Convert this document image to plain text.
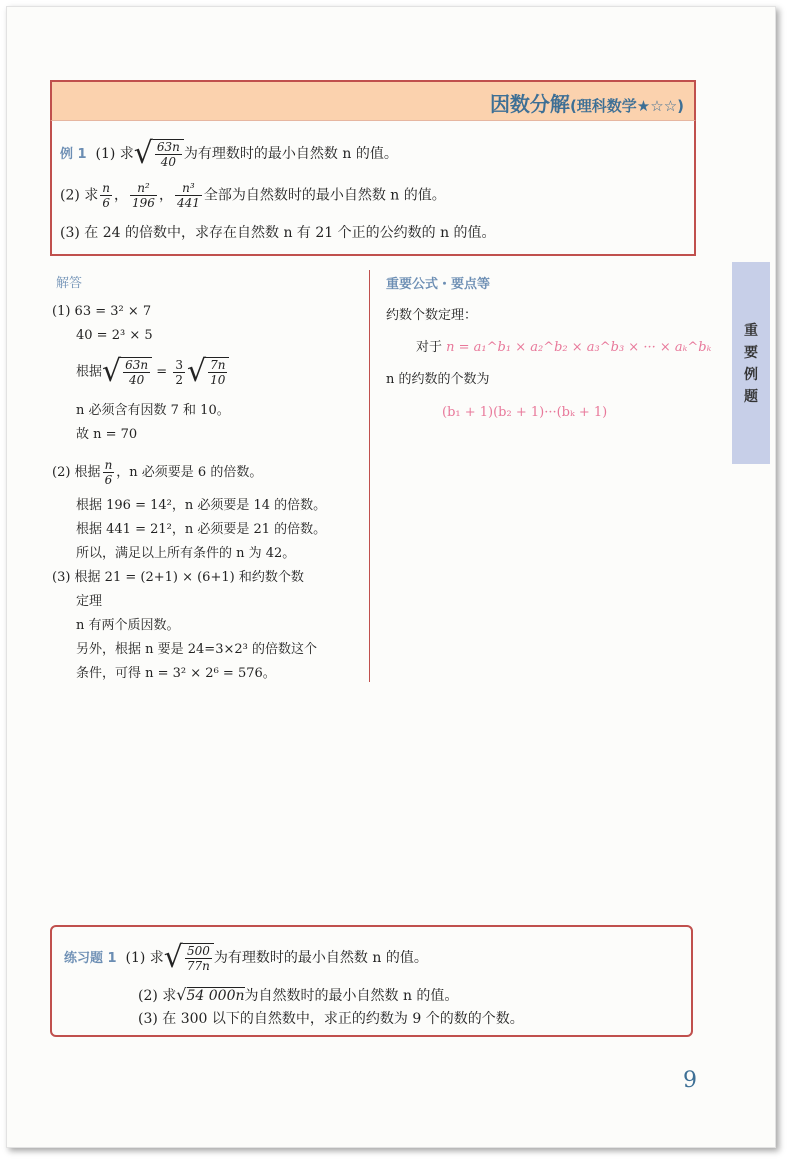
因数分解(理科数学★☆☆)
例 1 (1) 求√ $\frac{63n}{40}$ 为有理数时的最小自然数 n 的值。
(2) 求 $\frac{n}{6}$ ， $\frac{\text{n²}}{196}$ ， $\frac{\text{n³}}{441}$ 全部为自然数时的最小自然数 n 的值。
(3) 在 24 的倍数中，求存在自然数 n 有 21 个正的公约数的 n 的值。
解答
(1) 63 = 3² × 7
40 = 2³ × 5
根据√ $\frac{63n}{40} = \frac{3}{2}$ √ $\frac{7n}{10}$
n 必须含有因数 7 和 10。
故 n = 70
(2) 根据 $\frac{n}{6}$ ，n 必须要是 6 的倍数。
根据 196 = 14²，n 必须要是 14 的倍数。
根据 441 = 21²，n 必须要是 21 的倍数。
所以，满足以上所有条件的 n 为 42。
(3) 根据 21 = (2+1) × (6+1) 和约数个数
定理
n 有两个质因数。
另外，根据 n 要是 24=3×2³ 的倍数这个
条件，可得 n = 3² × 2⁶ = 576。
重要公式・要点等
约数个数定理：
对于 n = a₁^b₁ × a₂^b₂ × a₃^b₃ × ··· × aₖ^bₖ
n 的约数的个数为
(b₁ + 1)(b₂ + 1)···(bₖ + 1)
重
要
例
题
练习题 1 (1) 求√ $\frac{500}{77n}$ 为有理数时的最小自然数 n 的值。
(2) 求√54 000n为自然数时的最小自然数 n 的值。
(3) 在 300 以下的自然数中，求正的约数为 9 个的数的个数。
9
